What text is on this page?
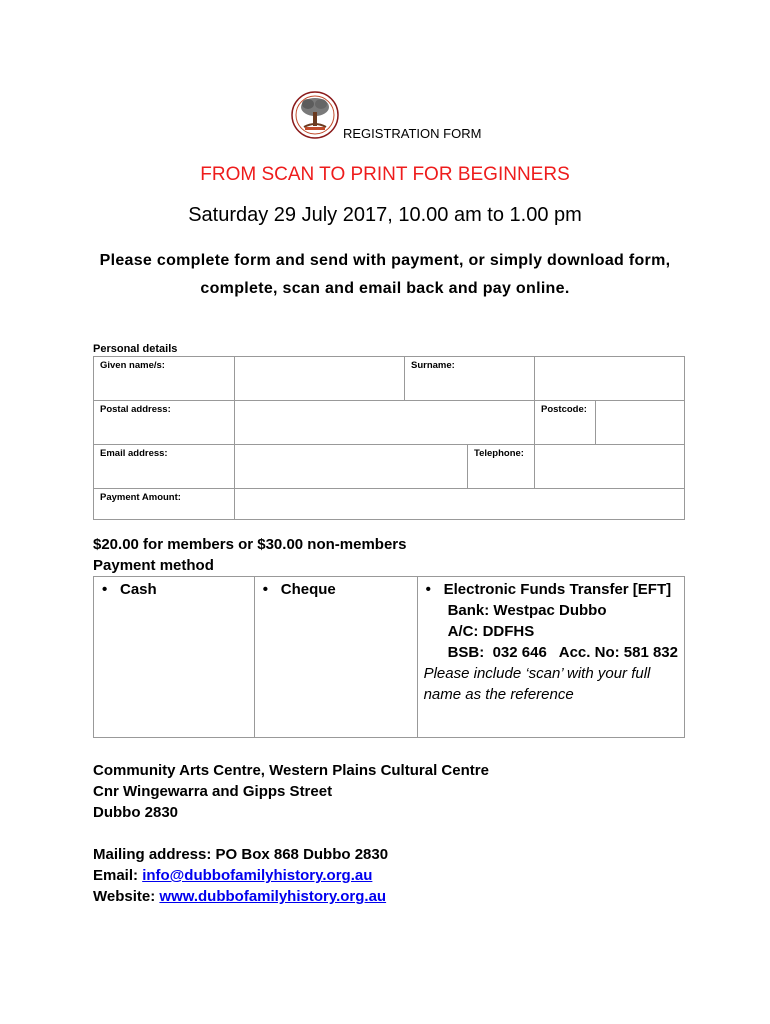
REGISTRATION FORM
FROM SCAN TO PRINT FOR BEGINNERS
Saturday 29 July 2017, 10.00 am to 1.00 pm
Please complete form and send with payment, or simply download form, complete, scan and email back and pay online.
Personal details
Given name/s:		Surname:			
Postal address:				Postcode:	
Email address:			Telephone:		
Payment Amount:					
$20.00 for members or $30.00 non-members
Payment method
• Cash	• Cheque	• Electronic Funds Transfer [EFT]
Bank: Westpac Dubbo
A/C: DDFHS
BSB:  032 646   Acc. No: 581 832
Please include ‘scan’ with your full name as the reference
Community Arts Centre, Western Plains Cultural Centre
Cnr Wingewarra and Gipps Street
Dubbo 2830
Mailing address: PO Box 868 Dubbo 2830
Email: info@dubbofamilyhistory.org.au
Website: www.dubbofamilyhistory.org.au
